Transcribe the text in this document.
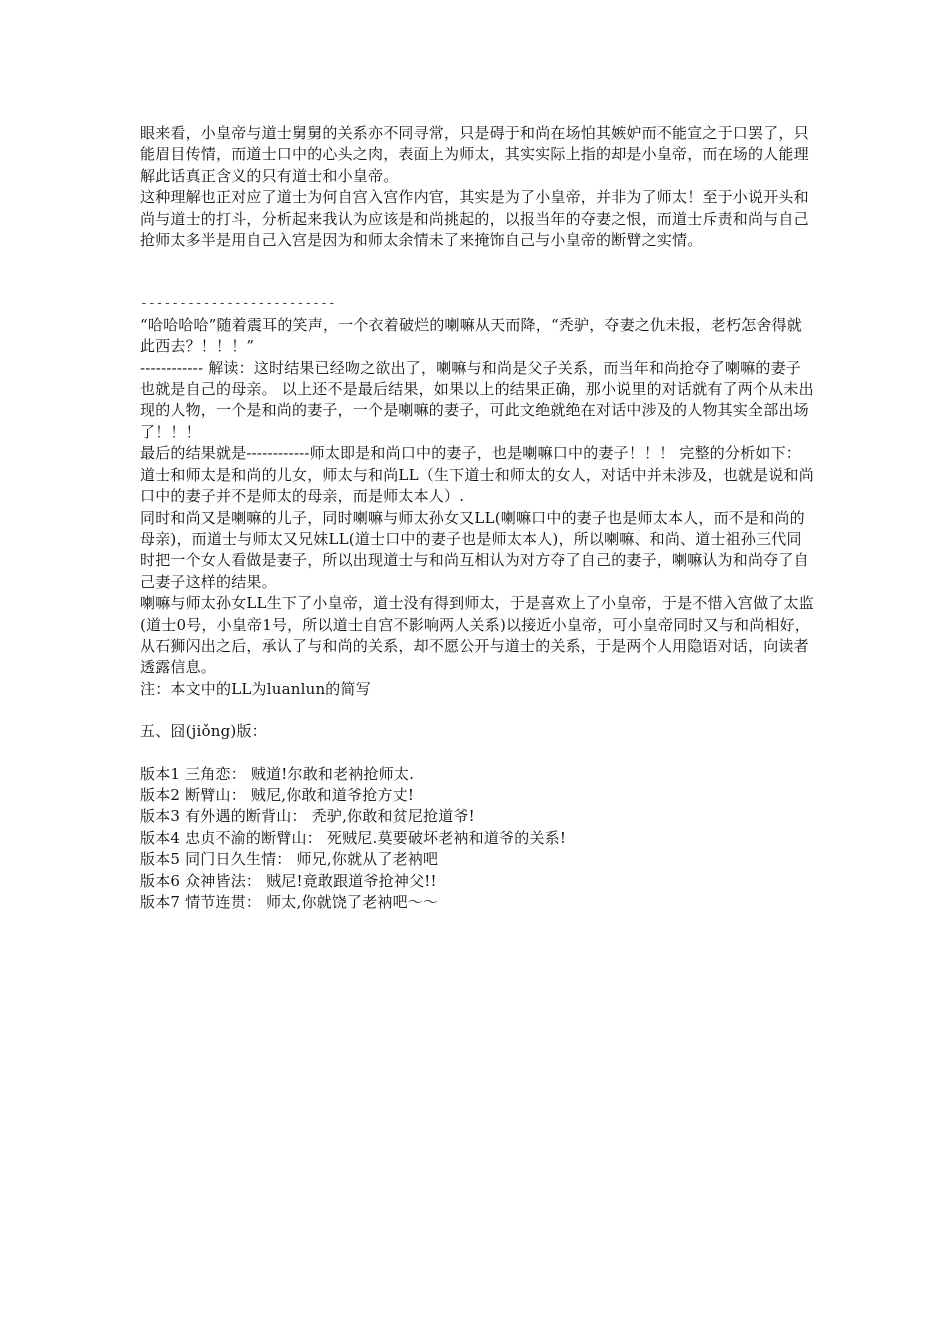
眼来看，小皇帝与道士舅舅的关系亦不同寻常，只是碍于和尚在场怕其嫉妒而不能宣之于口罢了，只能眉目传情，而道士口中的心头之肉，表面上为师太，其实实际上指的却是小皇帝，而在场的人能理解此话真正含义的只有道士和小皇帝。

这种理解也正对应了道士为何自宫入宫作内官，其实是为了小皇帝，并非为了师太！至于小说开头和尚与道士的打斗，分析起来我认为应该是和尚挑起的，以报当年的夺妻之恨，而道士斥责和尚与自己抢师太多半是用自己入宫是因为和师太余情未了来掩饰自己与小皇帝的断臂之实情。

-------------------------

“哈哈哈哈”随着震耳的笑声，一个衣着破烂的喇嘛从天而降，“秃驴，夺妻之仇未报，老朽怎舍得就此西去？！！！”

------------ 解读：这时结果已经吻之欲出了，喇嘛与和尚是父子关系，而当年和尚抢夺了喇嘛的妻子也就是自己的母亲。 以上还不是最后结果，如果以上的结果正确，那小说里的对话就有了两个从未出现的人物，一个是和尚的妻子，一个是喇嘛的妻子，可此文绝就绝在对话中涉及的人物其实全部出场了！！！

最后的结果就是------------师太即是和尚口中的妻子，也是喇嘛口中的妻子！！！ 完整的分析如下： 道士和师太是和尚的儿女，师太与和尚LL（生下道士和师太的女人，对话中并未涉及，也就是说和尚口中的妻子并不是师太的母亲，而是师太本人）.

同时和尚又是喇嘛的儿子，同时喇嘛与师太孙女又LL(喇嘛口中的妻子也是师太本人，而不是和尚的母亲)，而道士与师太又兄妹LL(道士口中的妻子也是师太本人)，所以喇嘛、和尚、道士祖孙三代同时把一个女人看做是妻子，所以出现道士与和尚互相认为对方夺了自己的妻子，喇嘛认为和尚夺了自己妻子这样的结果。

喇嘛与师太孙女LL生下了小皇帝，道士没有得到师太，于是喜欢上了小皇帝，于是不惜入宫做了太监(道士0号，小皇帝1号，所以道士自宫不影响两人关系)以接近小皇帝，可小皇帝同时又与和尚相好，从石狮闪出之后，承认了与和尚的关系，却不愿公开与道士的关系，于是两个人用隐语对话，向读者透露信息。

注：本文中的LL为luanlun的简写

五、囧(jiǒng)版：

版本1 三角恋： 贼道!尔敢和老衲抢师太.

版本2 断臂山： 贼尼,你敢和道爷抢方丈!

版本3 有外遇的断背山： 秃驴,你敢和贫尼抢道爷!

版本4 忠贞不渝的断臂山： 死贼尼.莫要破坏老衲和道爷的关系!

版本5 同门日久生情： 师兄,你就从了老衲吧

版本6 众神皆法： 贼尼!竟敢跟道爷抢神父!!

版本7 情节连贯： 师太,你就饶了老衲吧～～
